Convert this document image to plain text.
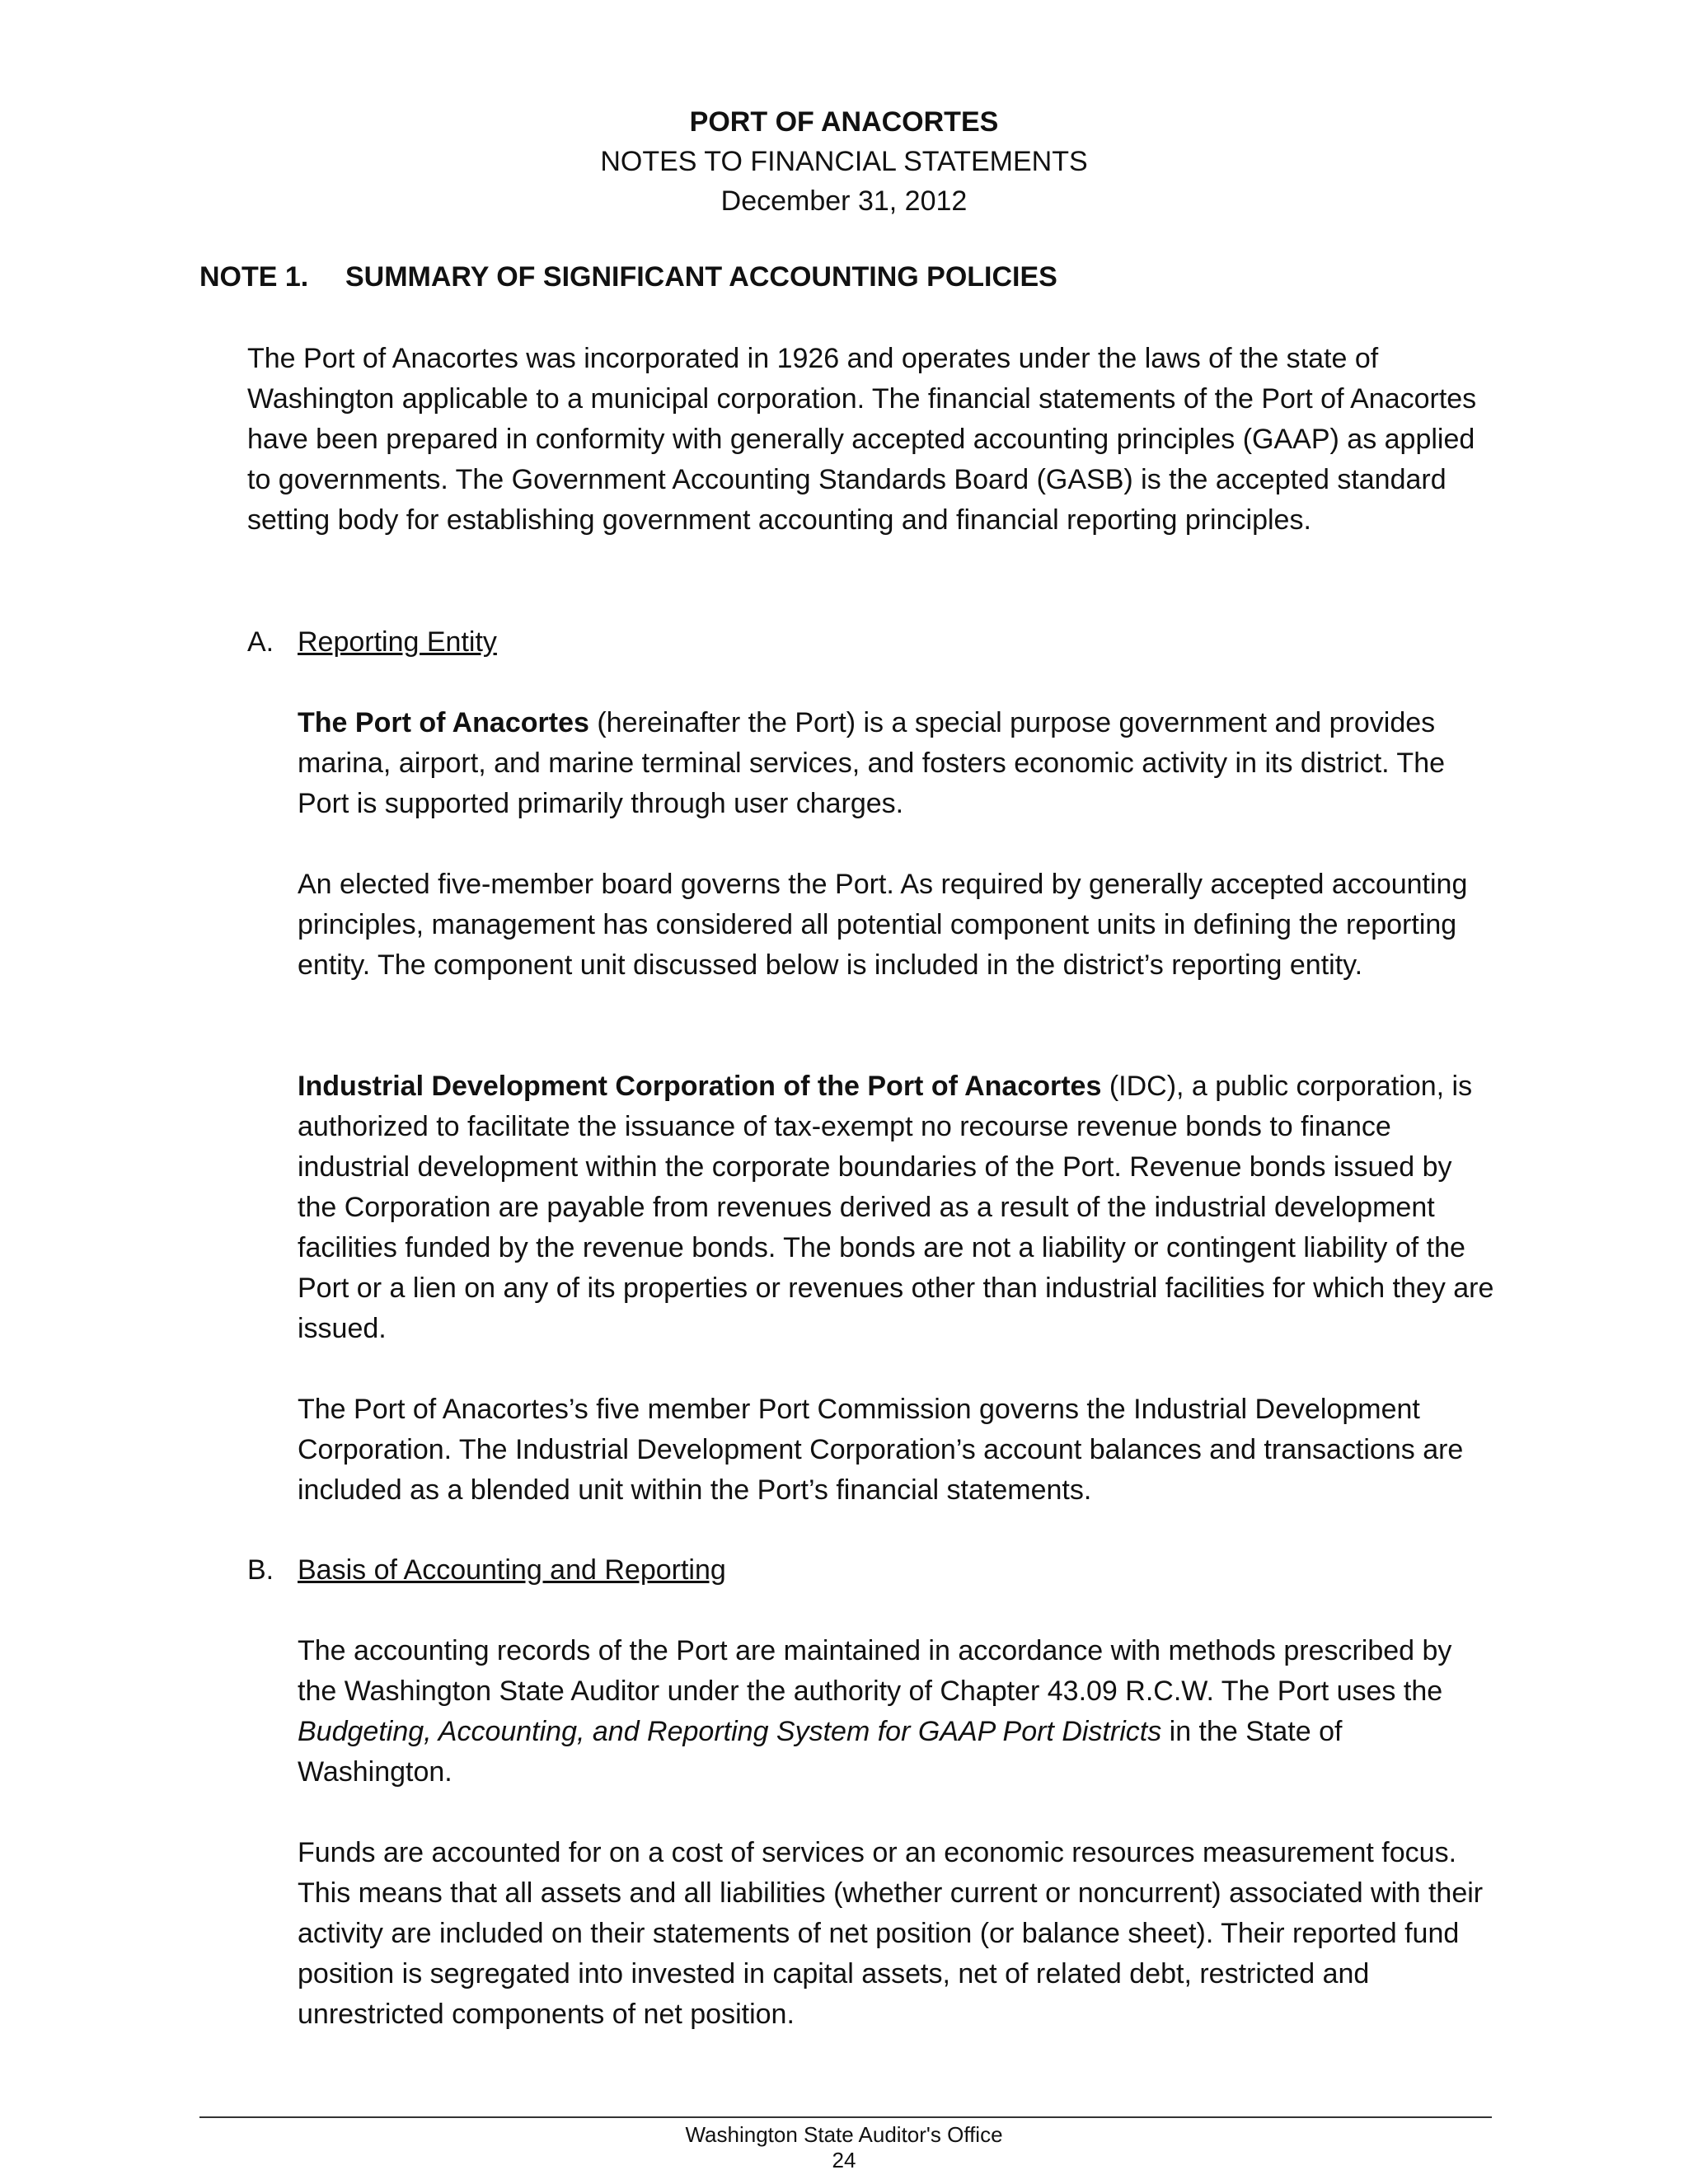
PORT OF ANACORTES
NOTES TO FINANCIAL STATEMENTS
December 31, 2012
NOTE 1. SUMMARY OF SIGNIFICANT ACCOUNTING POLICIES

The Port of Anacortes was incorporated in 1926 and operates under the laws of the state of Washington applicable to a municipal corporation. The financial statements of the Port of Anacortes have been prepared in conformity with generally accepted accounting principles (GAAP) as applied to governments. The Government Accounting Standards Board (GASB) is the accepted standard setting body for establishing government accounting and financial reporting principles.

A. Reporting Entity

The Port of Anacortes (hereinafter the Port) is a special purpose government and provides marina, airport, and marine terminal services, and fosters economic activity in its district. The Port is supported primarily through user charges.

An elected five-member board governs the Port. As required by generally accepted accounting principles, management has considered all potential component units in defining the reporting entity. The component unit discussed below is included in the district’s reporting entity.

Industrial Development Corporation of the Port of Anacortes (IDC), a public corporation, is authorized to facilitate the issuance of tax-exempt no recourse revenue bonds to finance industrial development within the corporate boundaries of the Port. Revenue bonds issued by the Corporation are payable from revenues derived as a result of the industrial development facilities funded by the revenue bonds. The bonds are not a liability or contingent liability of the Port or a lien on any of its properties or revenues other than industrial facilities for which they are issued.

The Port of Anacortes’s five member Port Commission governs the Industrial Development Corporation. The Industrial Development Corporation’s account balances and transactions are included as a blended unit within the Port’s financial statements.

B. Basis of Accounting and Reporting

The accounting records of the Port are maintained in accordance with methods prescribed by the Washington State Auditor under the authority of Chapter 43.09 R.C.W. The Port uses the Budgeting, Accounting, and Reporting System for GAAP Port Districts in the State of Washington.

Funds are accounted for on a cost of services or an economic resources measurement focus. This means that all assets and all liabilities (whether current or noncurrent) associated with their activity are included on their statements of net position (or balance sheet). Their reported fund position is segregated into invested in capital assets, net of related debt, restricted and unrestricted components of net position.

Washington State Auditor's Office
24
